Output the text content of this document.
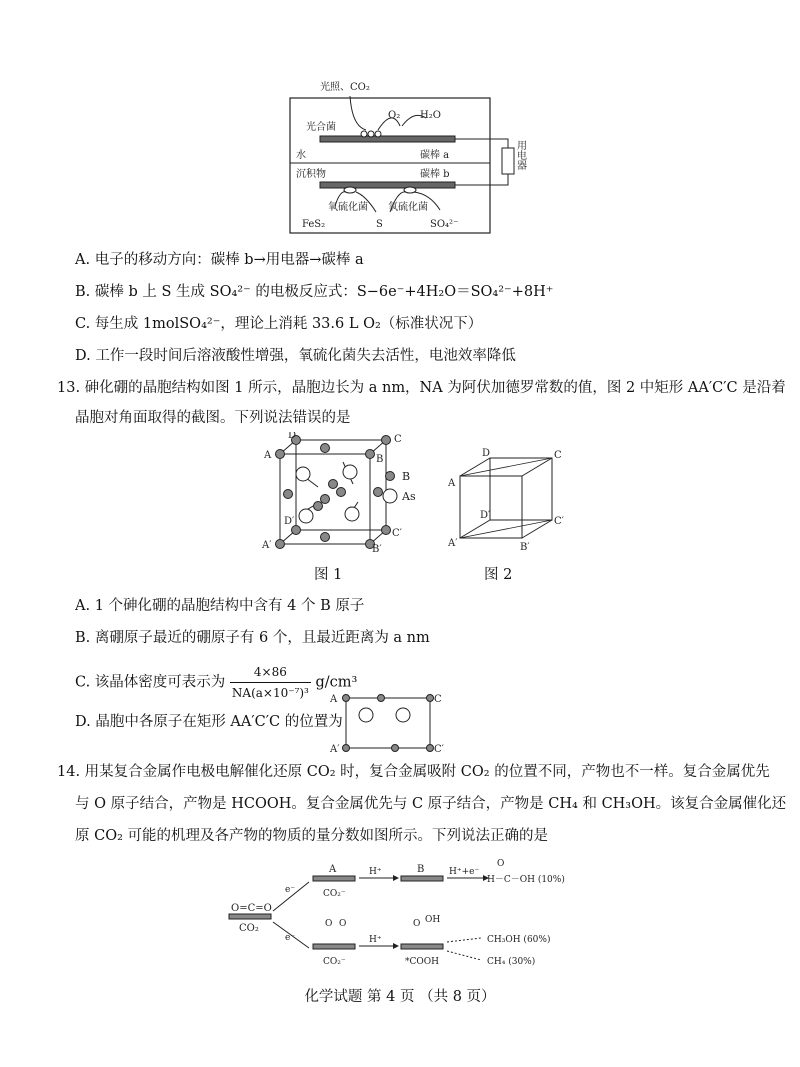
光照、CO₂
光合菌
O₂ H₂O
水	碳棒 a
沉积物	碳棒 b
用电器
氧硫化菌 氧硫化菌
FeS₂	S	SO₄²⁻
A. 电子的移动方向：碳棒 b→用电器→碳棒 a
B. 碳棒 b 上 S 生成 SO₄²⁻ 的电极反应式：S−6e⁻+4H₂O＝SO₄²⁻+8H⁺
C. 每生成 1molSO₄²⁻，理论上消耗 33.6 L O₂（标准状况下）
D. 工作一段时间后溶液酸性增强，氧硫化菌失去活性，电池效率降低
13. 砷化硼的晶胞结构如图 1 所示，晶胞边长为 a nm，NA 为阿伏加德罗常数的值，图 2 中矩形 AA′C′C 是沿着
晶胞对角面取得的截图。下列说法错误的是
A
D	C
B
D′
C′
A′	B′
B
As
D	C
A
D′
C′
A′	B′
图 1	图 2
A. 1 个砷化硼的晶胞结构中含有 4 个 B 原子
B. 离硼原子最近的硼原子有 6 个，且最近距离为 a nm
C. 该晶体密度可表示为 $\frac{4\times 86}{\text{NA(a×10⁻⁷)³}} g/cm^3$
D. 晶胞中各原子在矩形 AA′C′C 的位置为
A	C
A′	C′
14. 用某复合金属作电极电解催化还原 CO₂ 时，复合金属吸附 CO₂ 的位置不同，产物也不一样。复合金属优先
与 O 原子结合，产物是 HCOOH。复合金属优先与 C 原子结合，产物是 CH₄ 和 CH₃OH。该复合金属催化还
原 CO₂ 可能的机理及各产物的物质的量分数如图所示。下列说法正确的是
O=C=O
CO₂
e⁻
e⁻
A
CO₂⁻
H⁺	B	H⁺+e⁻
O
H－C－OH (10%)
O O
CO₂⁻
H⁺
O OH
*COOH
CH₃OH (60%)
CH₄ (30%)
化学试题 第 4 页 （共 8 页）
